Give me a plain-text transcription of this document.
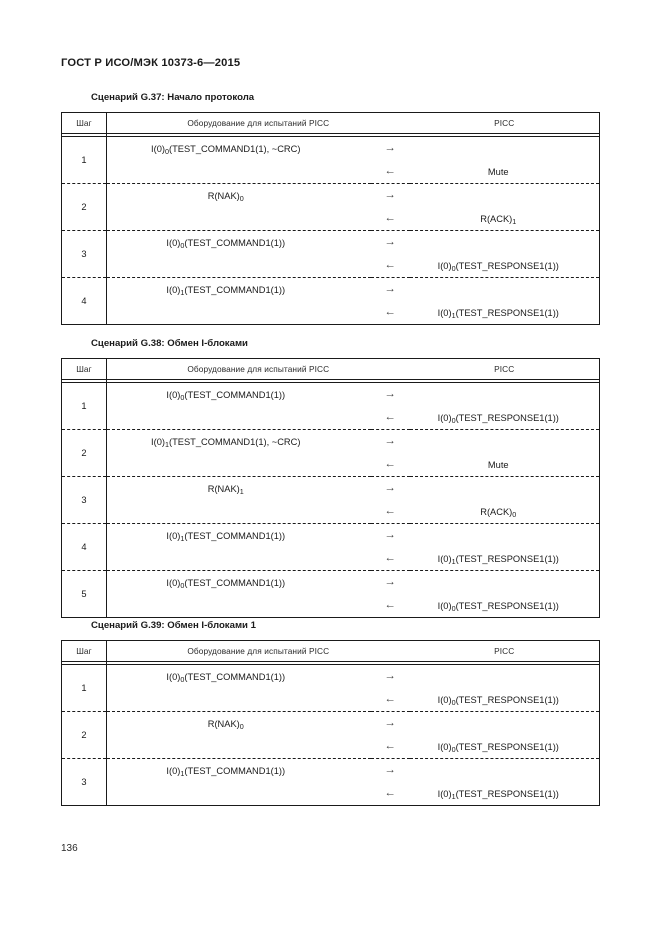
ГОСТ Р ИСО/МЭК 10373-6—2015
Сценарий G.37: Начало протокола
Шаг	Оборудование для испытаний PICC		PICC

1	$I(0)_0(TEST\_COMMAND1(1)$, ~CRC)	→	
		←	Mute
2	$R(NAK)_0$	→	
		←	$R(ACK)_1$
3	$I(0)_0(TEST\_COMMAND1(1))$	→	
		←	$I(0)_0(TEST\_RESPONSE1(1))$
4	$I(0)_1(TEST\_COMMAND1(1))$	→	
		←	$I(0)_1(TEST\_RESPONSE1(1))$
Сценарий G.38: Обмен I-блоками
Шаг	Оборудование для испытаний PICC		PICC

1	$I(0)_0(TEST\_COMMAND1(1))$	→	
		←	$I(0)_0(TEST\_RESPONSE1(1))$
2	$I(0)_1(TEST\_COMMAND1(1)$, ~CRC)	→	
		←	Mute
3	$R(NAK)_1$	→	
		←	$R(ACK)_0$
4	$I(0)_1(TEST\_COMMAND1(1))$	→	
		←	$I(0)_1(TEST\_RESPONSE1(1))$
5	$I(0)_0(TEST\_COMMAND1(1))$	→	
		←	$I(0)_0(TEST\_RESPONSE1(1))$
Сценарий G.39: Обмен I-блоками 1
Шаг	Оборудование для испытаний PICC		PICC

1	$I(0)_0(TEST\_COMMAND1(1))$	→	
		←	$I(0)_0(TEST\_RESPONSE1(1))$
2	$R(NAK)_0$	→	
		←	$I(0)_0(TEST\_RESPONSE1(1))$
3	$I(0)_1(TEST\_COMMAND1(1))$	→	
		←	$I(0)_1(TEST\_RESPONSE1(1))$
136
